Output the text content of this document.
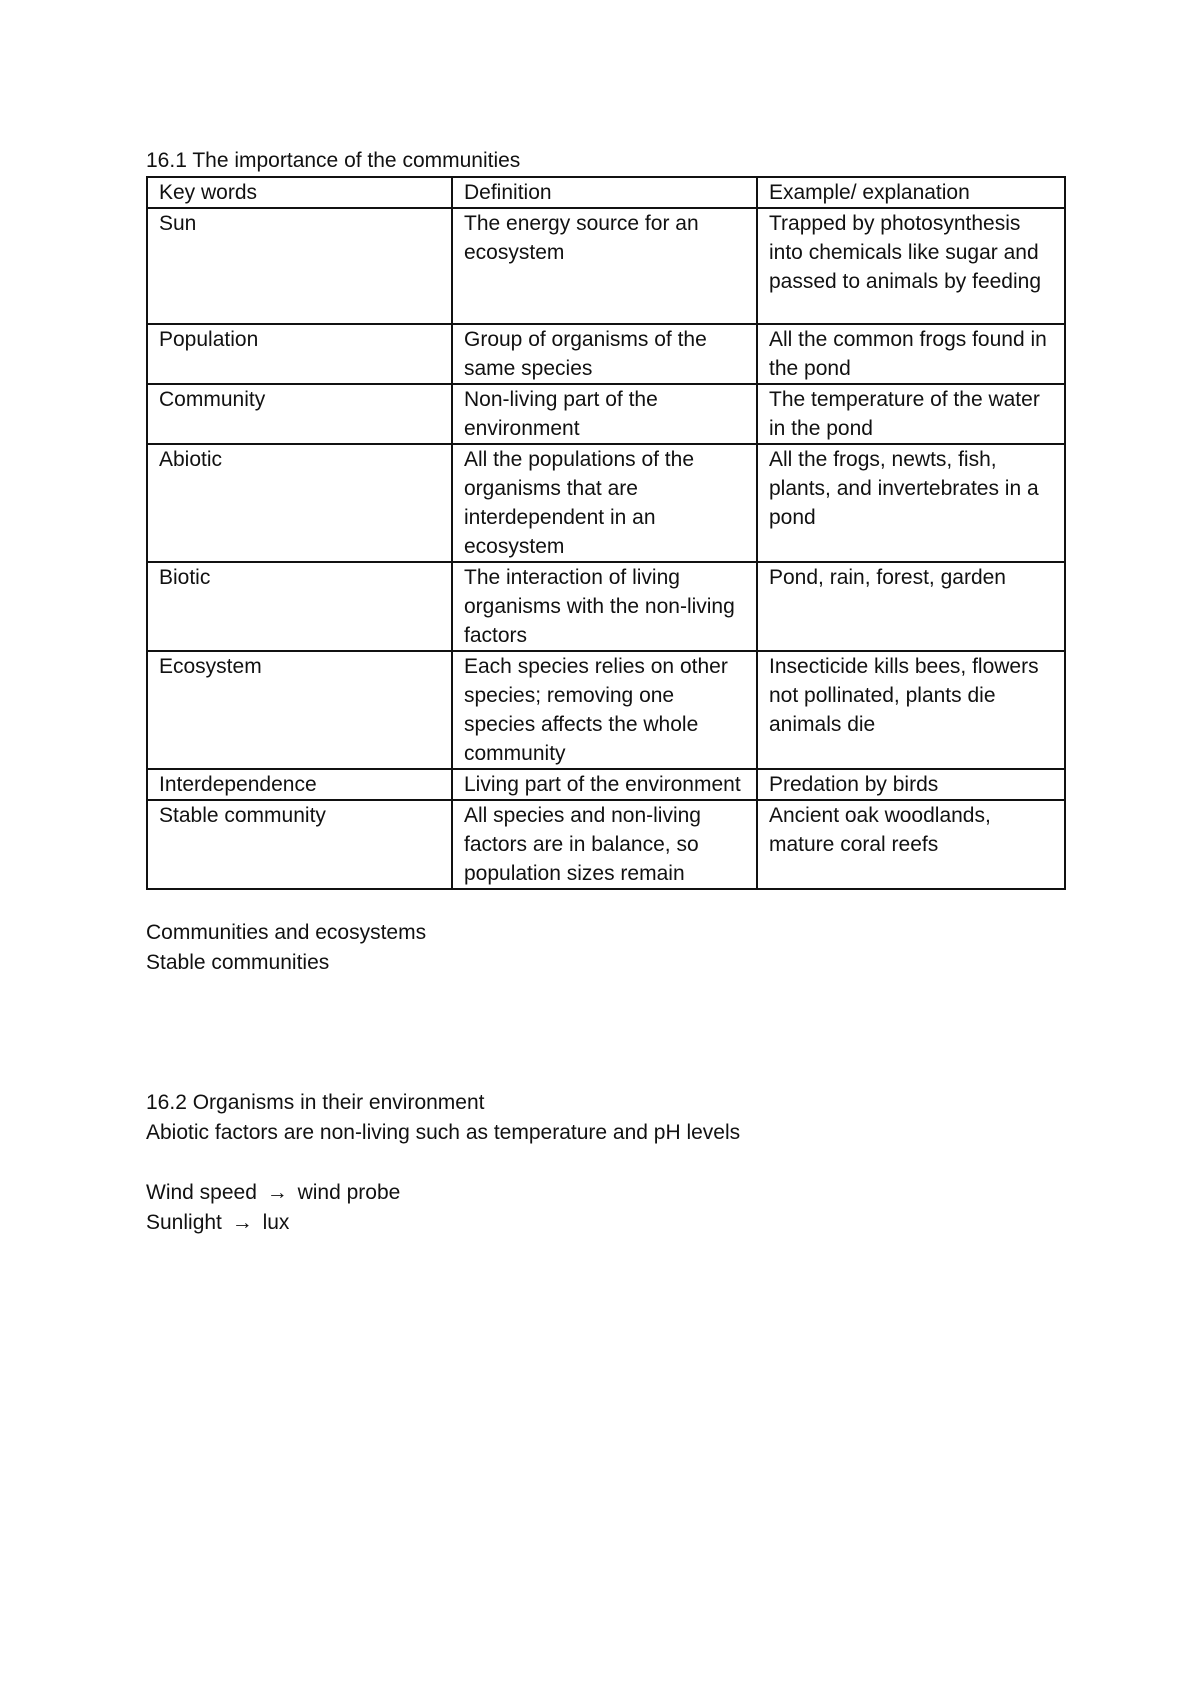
16.1 The importance of the communities
Key words	Definition	Example/ explanation
Sun	The energy source for an ecosystem	Trapped by photosynthesis into chemicals like sugar and passed to animals by feeding
Population	Group of organisms of the same species	All the common frogs found in the pond
Community	Non-living part of the environment	The temperature of the water in the pond
Abiotic	All the populations of the organisms that are interdependent in an ecosystem	All the frogs, newts, fish, plants, and invertebrates in a pond
Biotic	The interaction of living organisms with the non-living factors	Pond, rain, forest, garden
Ecosystem	Each species relies on other species; removing one species affects the whole community	Insecticide kills bees, flowers not pollinated, plants die animals die
Interdependence	Living part of the environment	Predation by birds
Stable community	All species and non-living factors are in balance, so population sizes remain	Ancient oak woodlands, mature coral reefs
Communities and ecosystems
Stable communities
16.2 Organisms in their environment
Abiotic factors are non-living such as temperature and pH levels
Wind speed → wind probe
Sunlight → lux
